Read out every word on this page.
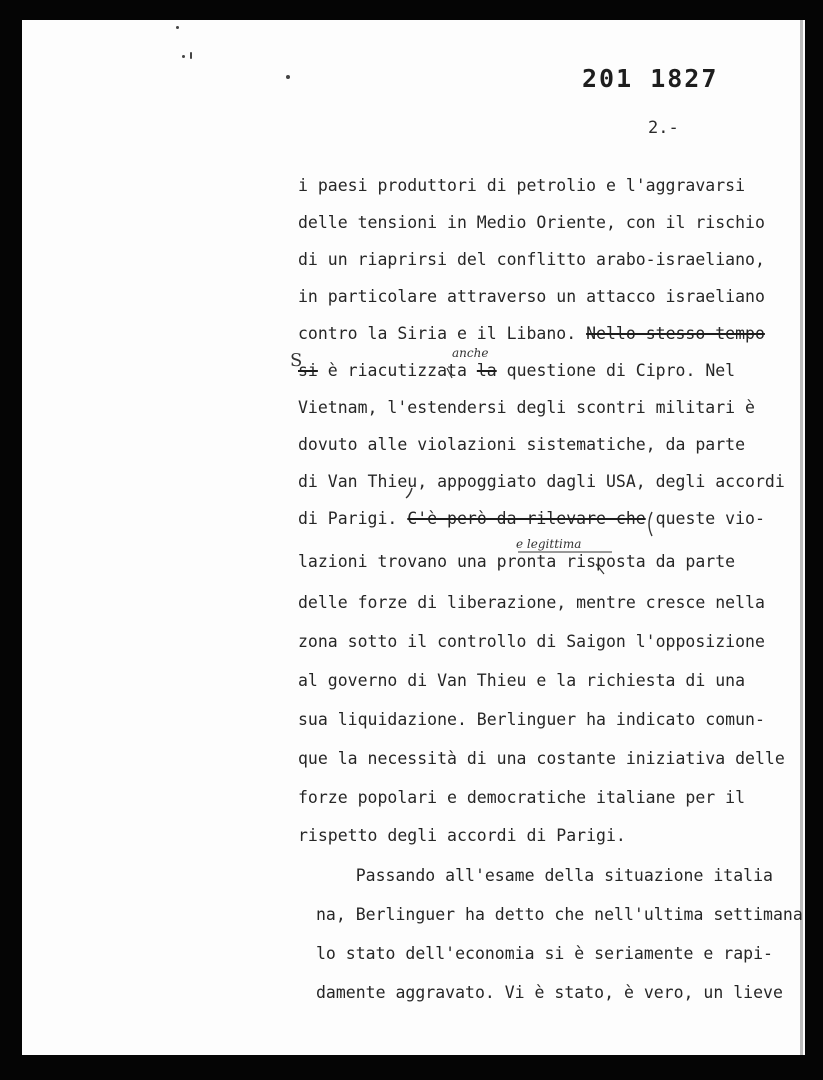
201 1827
2.-

i paesi produttori di petrolio e l'aggravarsi

delle tensioni in Medio Oriente, con il rischio

di un riaprirsi del conflitto arabo-israeliano,

in particolare attraverso un attacco israeliano

contro la Siria e il Libano. Nello stesso tempo

si è riacutizzata la questione di Cipro. Nel

Vietnam, l'estendersi degli scontri militari è

dovuto alle violazioni sistematiche, da parte

di Van Thieu, appoggiato dagli USA, degli accordi

di Parigi. C'è però da rilevare che queste vio-

lazioni trovano una pronta risposta da parte

delle forze di liberazione, mentre cresce nella

zona sotto il controllo di Saigon l'opposizione

al governo di Van Thieu e la richiesta di una

sua liquidazione. Berlinguer ha indicato comun-

que la necessità di una costante iniziativa delle

forze popolari e democratiche italiane per il

rispetto degli accordi di Parigi.

Passando all'esame della situazione italia

na, Berlinguer ha detto che nell'ultima settimana

lo stato dell'economia si è seriamente e rapi-

damente aggravato. Vi è stato, è vero, un lieve

anche
S
e legittima
